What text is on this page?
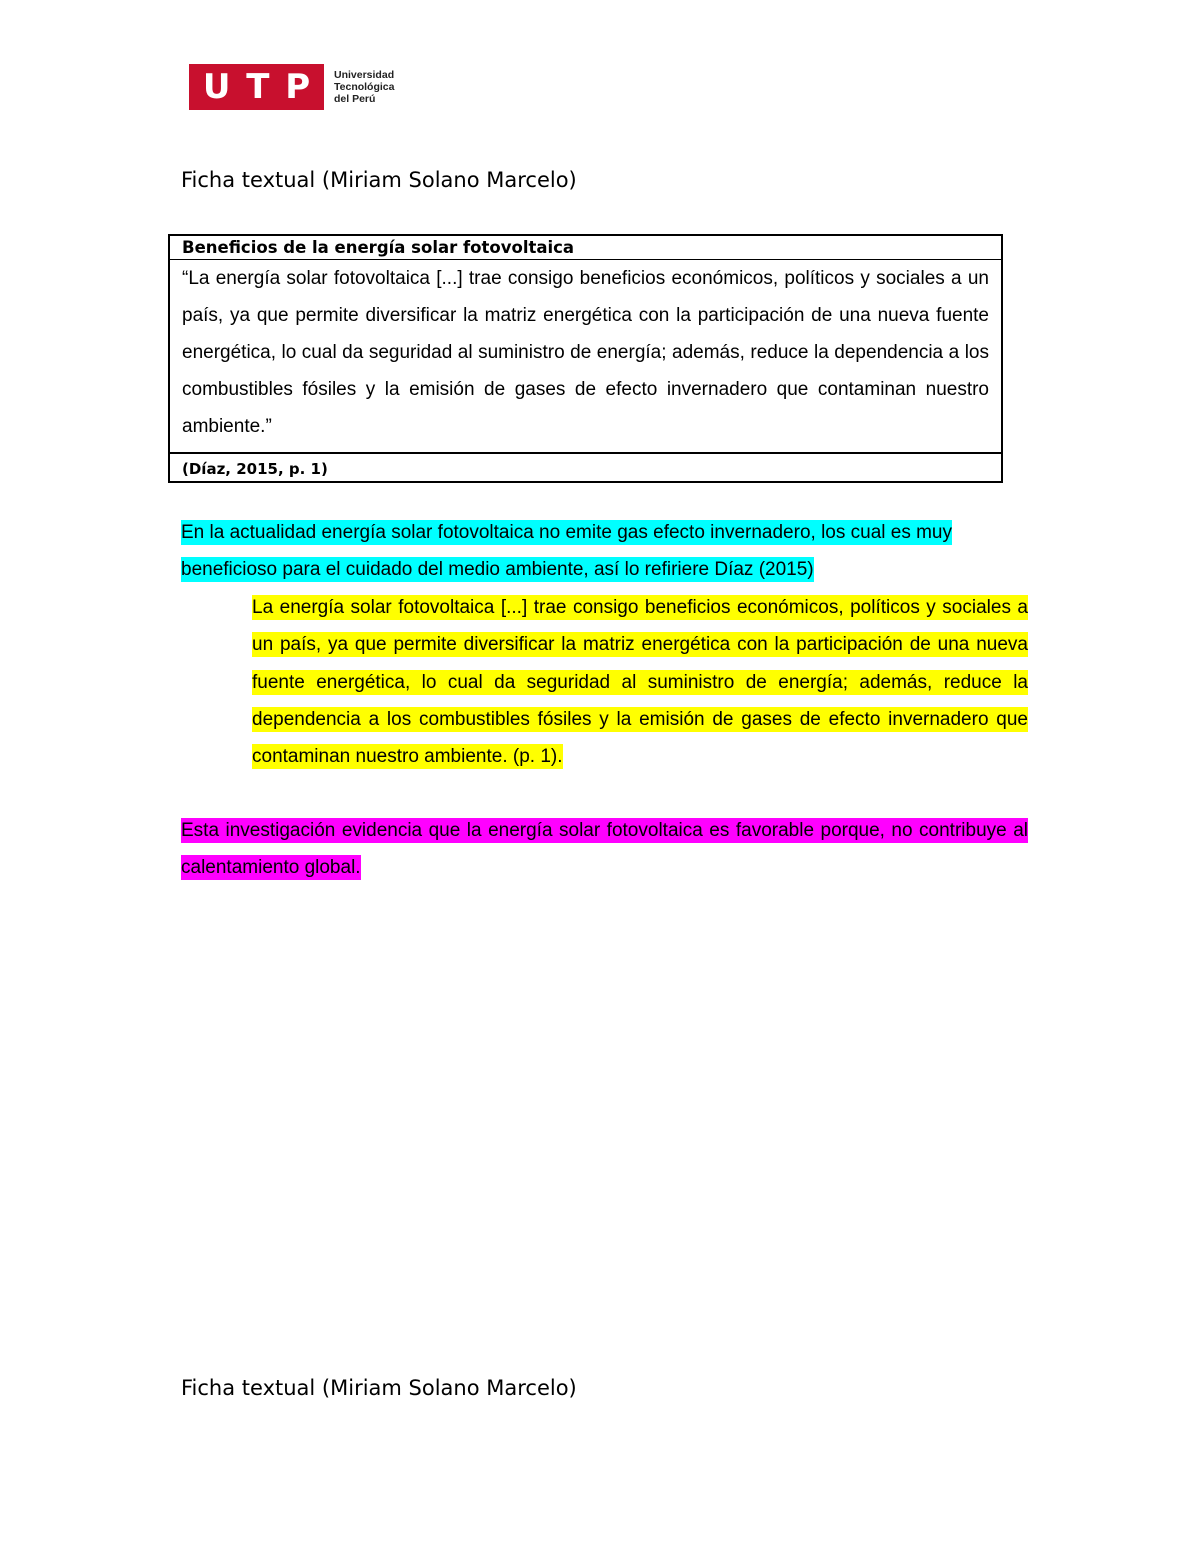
U T P Universidad
Tecnológica
del Perú
Ficha textual (Miriam Solano Marcelo)
Beneficios de la energía solar fotovoltaica
“La energía solar fotovoltaica [...] trae consigo beneficios económicos, políticos y sociales a un país, ya que permite diversificar la matriz energética con la participación de una nueva fuente energética, lo cual da seguridad al suministro de energía; además, reduce la dependencia a los combustibles fósiles y la emisión de gases de efecto invernadero que contaminan nuestro ambiente.”
(Díaz, 2015, p. 1)

En la actualidad energía solar fotovoltaica no emite gas efecto invernadero, los cual es muy beneficioso para el cuidado del medio ambiente, así lo refiriere Díaz (2015)

La energía solar fotovoltaica [...] trae consigo beneficios económicos, políticos y sociales a un país, ya que permite diversificar la matriz energética con la participación de una nueva fuente energética, lo cual da seguridad al suministro de energía; además, reduce la dependencia a los combustibles fósiles y la emisión de gases de efecto invernadero que contaminan nuestro ambiente. (p. 1).

Esta investigación evidencia que la energía solar fotovoltaica es favorable porque, no contribuye al calentamiento global.

Ficha textual (Miriam Solano Marcelo)
